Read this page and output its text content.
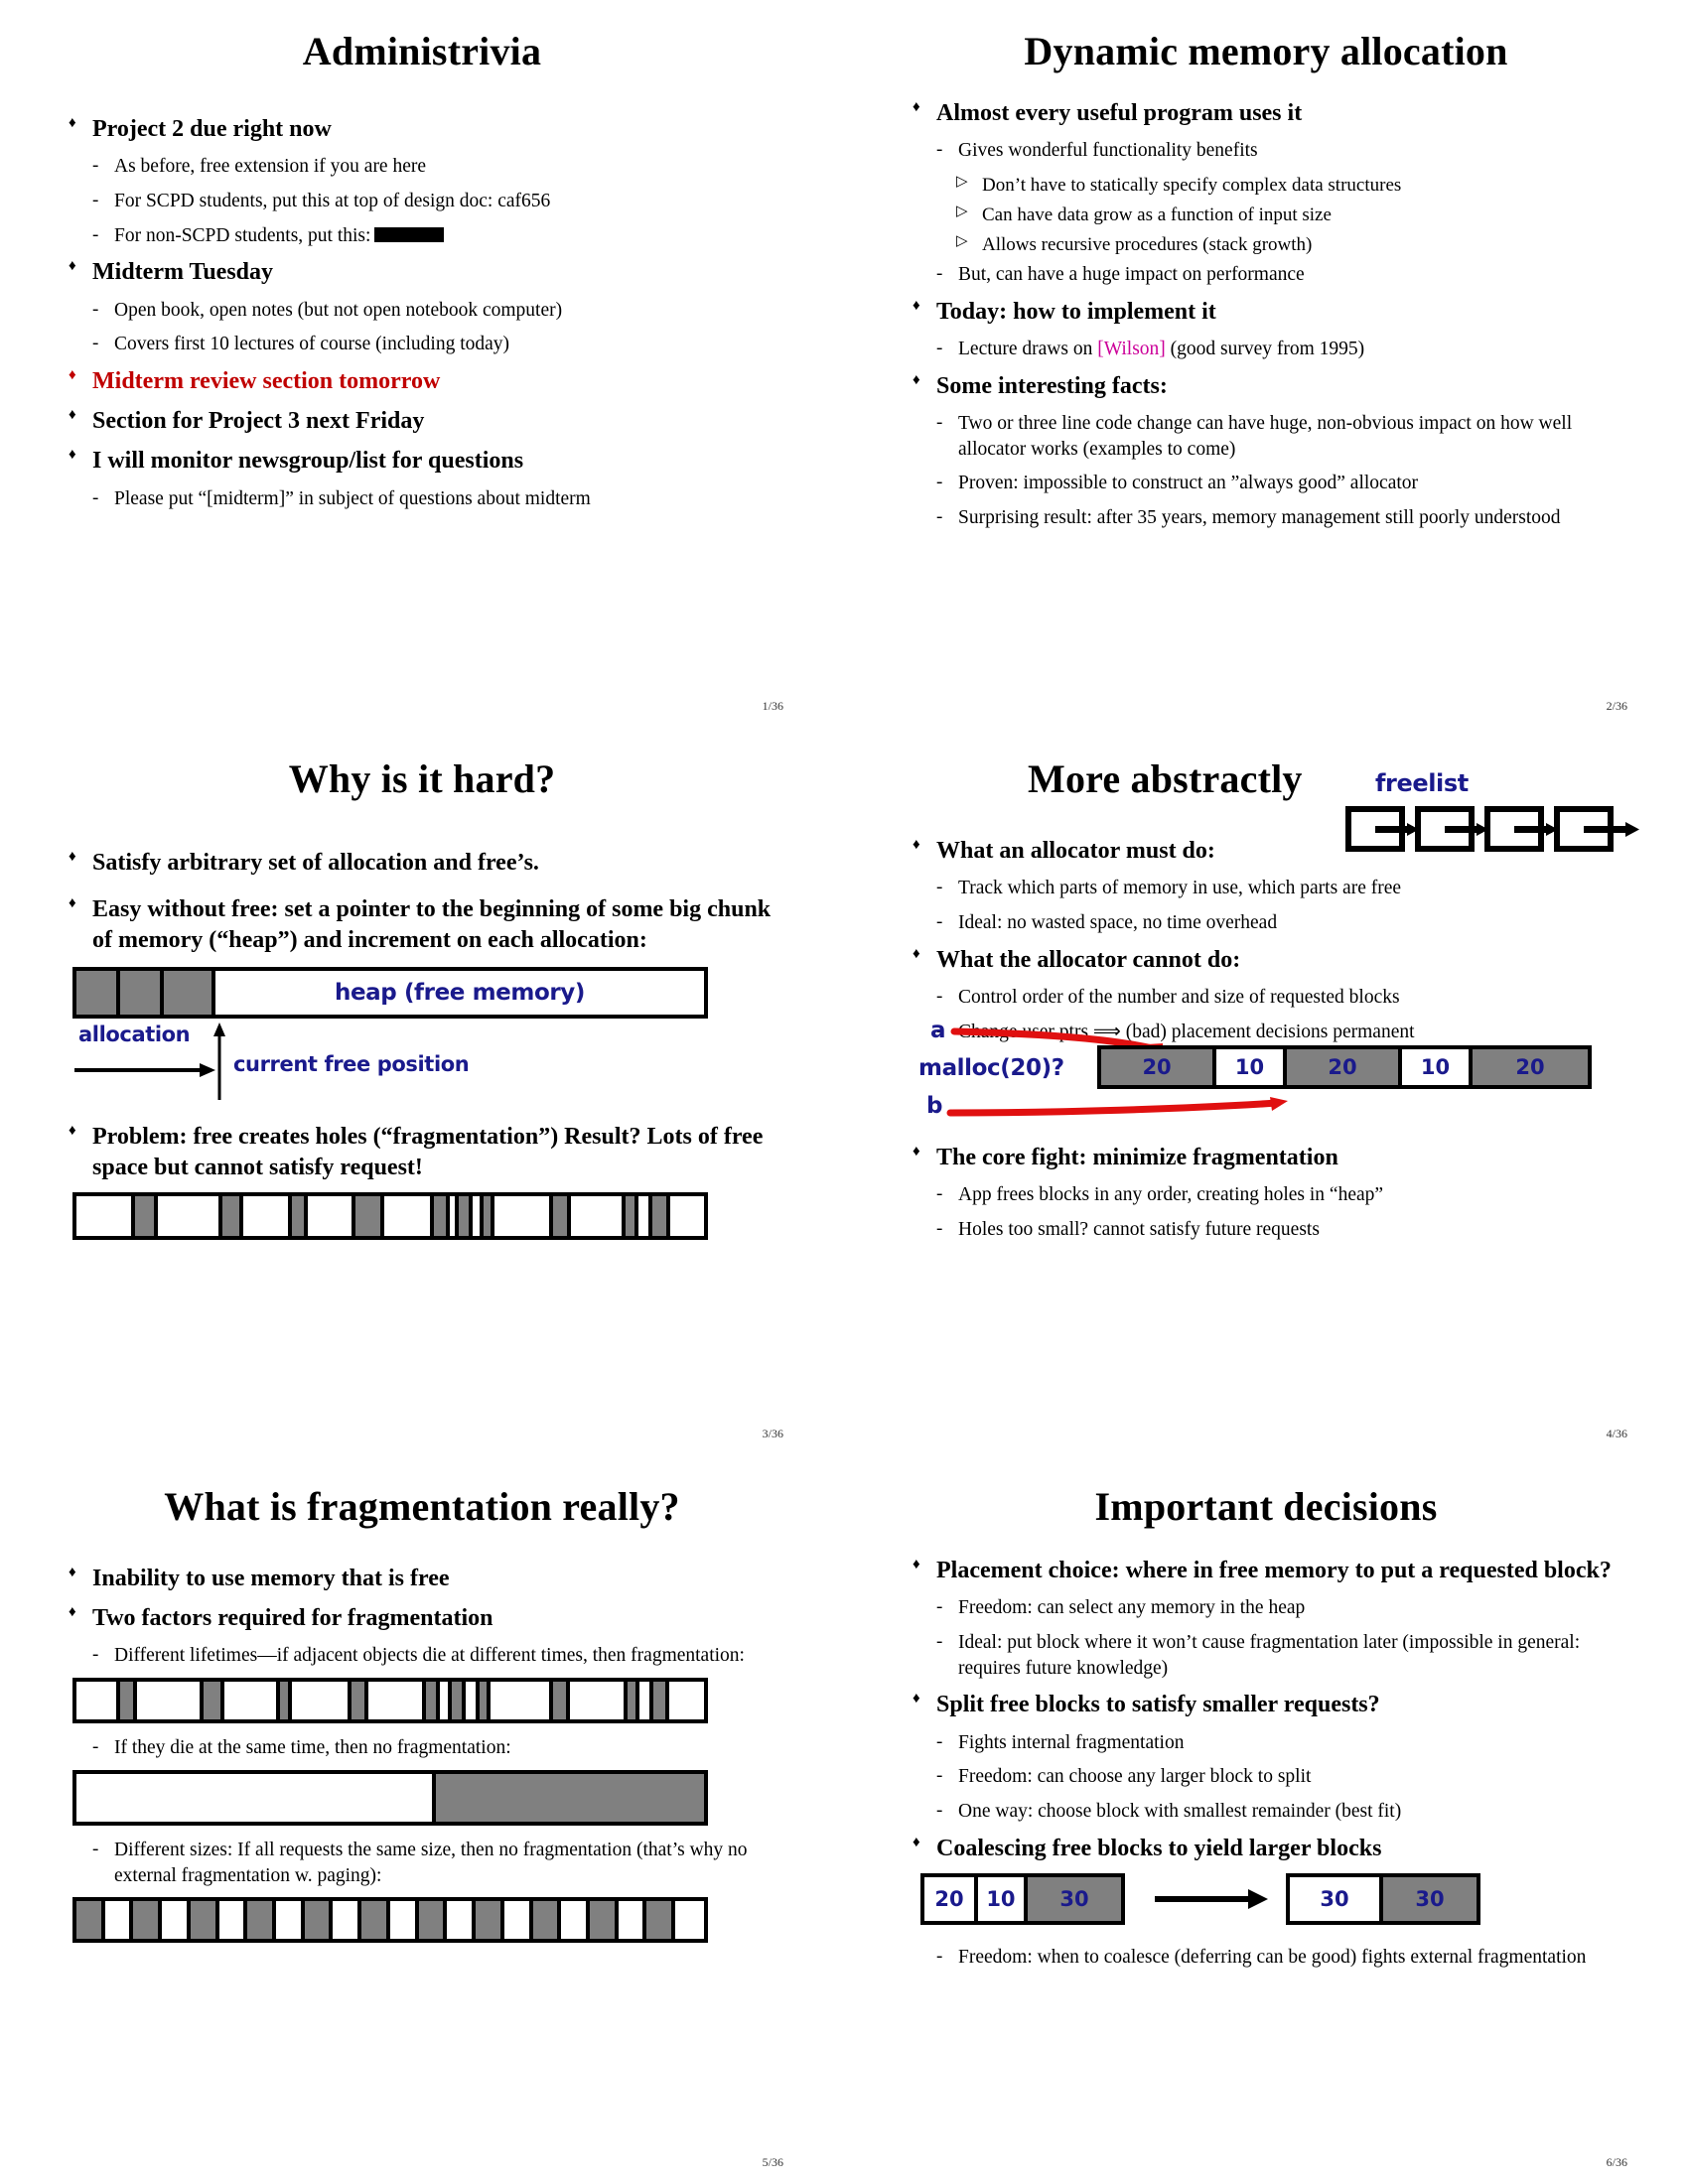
Administrivia
♦ Project 2 due right now
- As before, free extension if you are here
- For SCPD students, put this at top of design doc: caf656
- For non-SCPD students, put this:
♦ Midterm Tuesday
- Open book, open notes (but not open notebook computer)
- Covers first 10 lectures of course (including today)
♦ Midterm review section tomorrow
♦ Section for Project 3 next Friday
♦ I will monitor newsgroup/list for questions
- Please put “[midterm]” in subject of questions about midterm
1/36
Dynamic memory allocation
♦ Almost every useful program uses it
- Gives wonderful functionality benefits
▷ Don’t have to statically specify complex data structures
▷ Can have data grow as a function of input size
▷ Allows recursive procedures (stack growth)
- But, can have a huge impact on performance
♦ Today: how to implement it
- Lecture draws on [Wilson] (good survey from 1995)
♦ Some interesting facts:
- Two or three line code change can have huge, non-obvious impact on how well allocator works (examples to come)
- Proven: impossible to construct an ”always good” allocator
- Surprising result: after 35 years, memory management still poorly understood
2/36
Why is it hard?
♦ Satisfy arbitrary set of allocation and free’s.
♦ Easy without free: set a pointer to the beginning of some big chunk of memory (“heap”) and increment on each allocation:
heap (free memory)
allocation
current free position
♦ Problem: free creates holes (“fragmentation”) Result? Lots of free space but cannot satisfy request!
3/36
More abstractly	freelist
♦ What an allocator must do:
- Track which parts of memory in use, which parts are free
- Ideal: no wasted space, no time overhead
♦ What the allocator cannot do:
- Control order of the number and size of requested blocks
- Change user ptrs ⟹ (bad) placement decisions permanent
a
b
malloc(20)?	20	10	20	10	20
♦ The core fight: minimize fragmentation
- App frees blocks in any order, creating holes in “heap”
- Holes too small? cannot satisfy future requests
4/36
What is fragmentation really?
♦ Inability to use memory that is free
♦ Two factors required for fragmentation
- Different lifetimes—if adjacent objects die at different times, then fragmentation:
- If they die at the same time, then no fragmentation:
- Different sizes: If all requests the same size, then no fragmentation (that’s why no external fragmentation w. paging):
5/36
Important decisions
♦ Placement choice: where in free memory to put a requested block?
- Freedom: can select any memory in the heap
- Ideal: put block where it won’t cause fragmentation later (impossible in general: requires future knowledge)
♦ Split free blocks to satisfy smaller requests?
- Fights internal fragmentation
- Freedom: can choose any larger block to split
- One way: choose block with smallest remainder (best fit)
♦ Coalescing free blocks to yield larger blocks
20 10 30	30	30
- Freedom: when to coalesce (deferring can be good) fights external fragmentation
6/36
